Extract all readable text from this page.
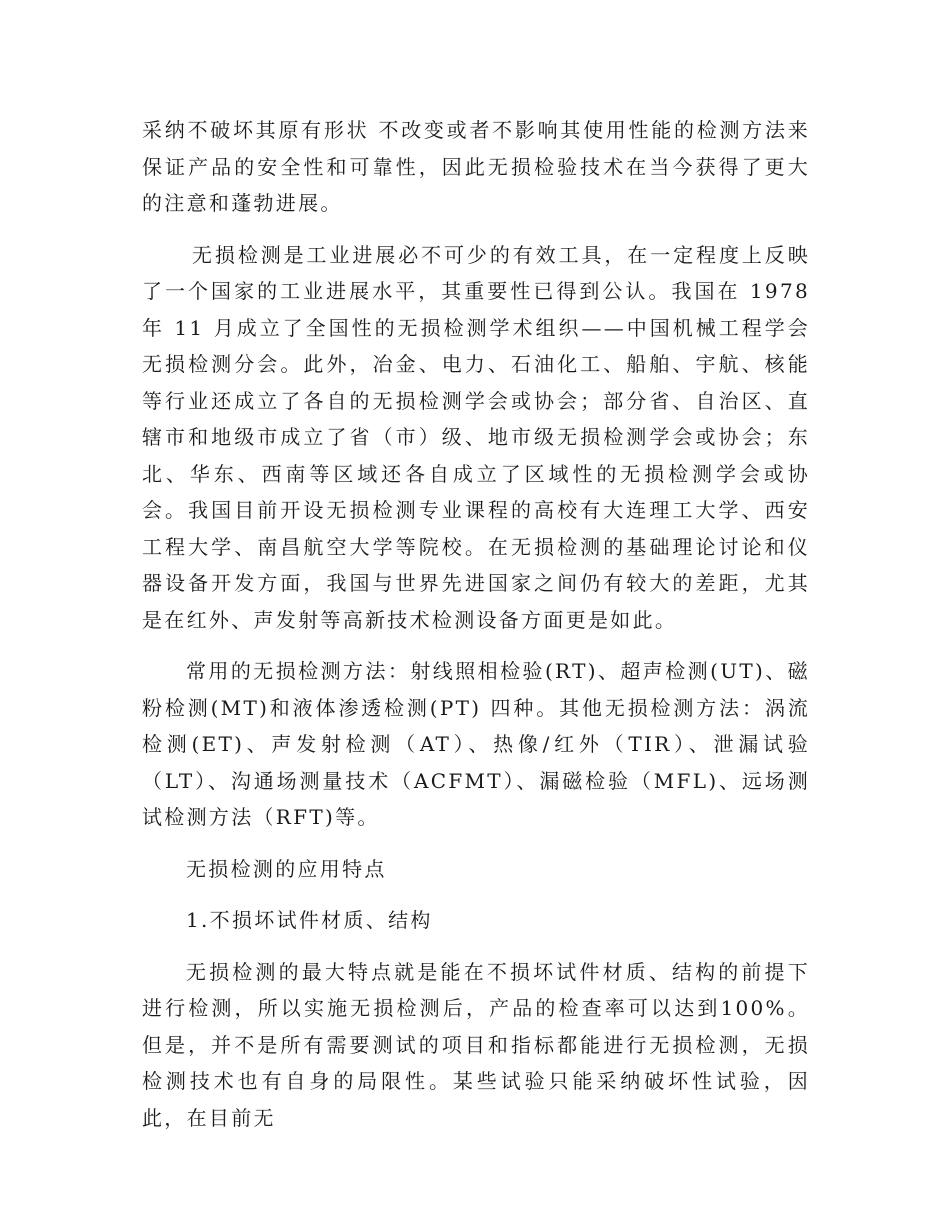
采纳不破坏其原有形状 不改变或者不影响其使用性能的检测方法来保证产品的安全性和可靠性，因此无损检验技术在当今获得了更大的注意和蓬勃进展。

无损检测是工业进展必不可少的有效工具，在一定程度上反映了一个国家的工业进展水平，其重要性已得到公认。我国在 1978 年 11 月成立了全国性的无损检测学术组织——中国机械工程学会无损检测分会。此外，冶金、电力、石油化工、船舶、宇航、核能等行业还成立了各自的无损检测学会或协会；部分省、自治区、直辖市和地级市成立了省（市）级、地市级无损检测学会或协会；东北、华东、西南等区域还各自成立了区域性的无损检测学会或协会。我国目前开设无损检测专业课程的高校有大连理工大学、西安工程大学、南昌航空大学等院校。在无损检测的基础理论讨论和仪器设备开发方面，我国与世界先进国家之间仍有较大的差距，尤其是在红外、声发射等高新技术检测设备方面更是如此。

常用的无损检测方法：射线照相检验(RT)、超声检测(UT)、磁粉检测(MT)和液体渗透检测(PT) 四种。其他无损检测方法：涡流检测(ET)、声发射检测（AT）、热像/红外（TIR）、泄漏试验（LT）、沟通场测量技术（ACFMT）、漏磁检验（MFL)、远场测试检测方法（RFT)等。

无损检测的应用特点

1.不损坏试件材质、结构

无损检测的最大特点就是能在不损坏试件材质、结构的前提下进行检测，所以实施无损检测后，产品的检查率可以达到100%。但是，并不是所有需要测试的项目和指标都能进行无损检测，无损检测技术也有自身的局限性。某些试验只能采纳破坏性试验，因此，在目前无
